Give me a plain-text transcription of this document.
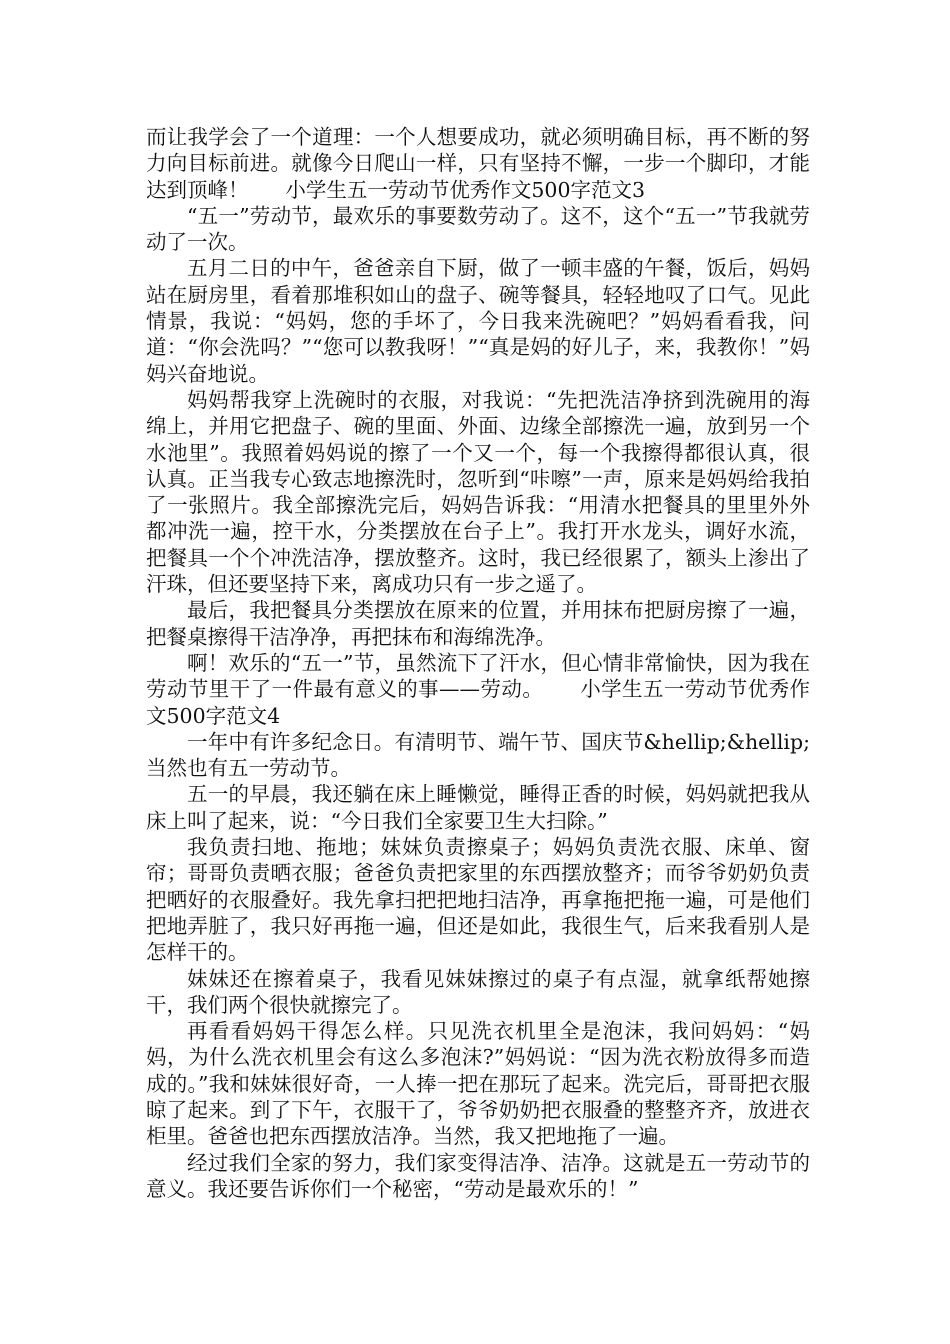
而让我学会了一个道理：一个人想要成功，就必须明确目标，再不断的努力向目标前进。就像今日爬山一样，只有坚持不懈，一步一个脚印，才能达到顶峰！ 小学生五一劳动节优秀作文500字范文3

“五一”劳动节，最欢乐的事要数劳动了。这不，这个“五一”节我就劳动了一次。

五月二日的中午，爸爸亲自下厨，做了一顿丰盛的午餐，饭后，妈妈站在厨房里，看着那堆积如山的盘子、碗等餐具，轻轻地叹了口气。见此情景，我说：“妈妈，您的手坏了，今日我来洗碗吧？”妈妈看看我，问道：“你会洗吗？”“您可以教我呀！”“真是妈的好儿子，来，我教你！”妈妈兴奋地说。

妈妈帮我穿上洗碗时的衣服，对我说：“先把洗洁净挤到洗碗用的海绵上，并用它把盘子、碗的里面、外面、边缘全部擦洗一遍，放到另一个水池里”。我照着妈妈说的擦了一个又一个，每一个我擦得都很认真，很认真。正当我专心致志地擦洗时，忽听到“咔嚓”一声，原来是妈妈给我拍了一张照片。我全部擦洗完后，妈妈告诉我：“用清水把餐具的里里外外都冲洗一遍，控干水，分类摆放在台子上”。我打开水龙头，调好水流，把餐具一个个冲洗洁净，摆放整齐。这时，我已经很累了，额头上渗出了汗珠，但还要坚持下来，离成功只有一步之遥了。

最后，我把餐具分类摆放在原来的位置，并用抹布把厨房擦了一遍，把餐桌擦得干洁净净，再把抹布和海绵洗净。

啊！欢乐的“五一”节，虽然流下了汗水，但心情非常愉快，因为我在劳动节里干了一件最有意义的事——劳动。 小学生五一劳动节优秀作文500字范文4

一年中有许多纪念日。有清明节、端午节、国庆节&hellip;&hellip;当然也有五一劳动节。

五一的早晨，我还躺在床上睡懒觉，睡得正香的时候，妈妈就把我从床上叫了起来，说：“今日我们全家要卫生大扫除。”

我负责扫地、拖地；妹妹负责擦桌子；妈妈负责洗衣服、床单、窗帘；哥哥负责晒衣服；爸爸负责把家里的东西摆放整齐；而爷爷奶奶负责把晒好的衣服叠好。我先拿扫把把地扫洁净，再拿拖把拖一遍，可是他们把地弄脏了，我只好再拖一遍，但还是如此，我很生气，后来我看别人是怎样干的。

妹妹还在擦着桌子，我看见妹妹擦过的桌子有点湿，就拿纸帮她擦干，我们两个很快就擦完了。

再看看妈妈干得怎么样。只见洗衣机里全是泡沫，我问妈妈：“妈妈，为什么洗衣机里会有这么多泡沫?”妈妈说：“因为洗衣粉放得多而造成的。”我和妹妹很好奇，一人捧一把在那玩了起来。洗完后，哥哥把衣服晾了起来。到了下午，衣服干了，爷爷奶奶把衣服叠的整整齐齐，放进衣柜里。爸爸也把东西摆放洁净。当然，我又把地拖了一遍。

经过我们全家的努力，我们家变得洁净、洁净。这就是五一劳动节的意义。我还要告诉你们一个秘密，“劳动是最欢乐的！”
